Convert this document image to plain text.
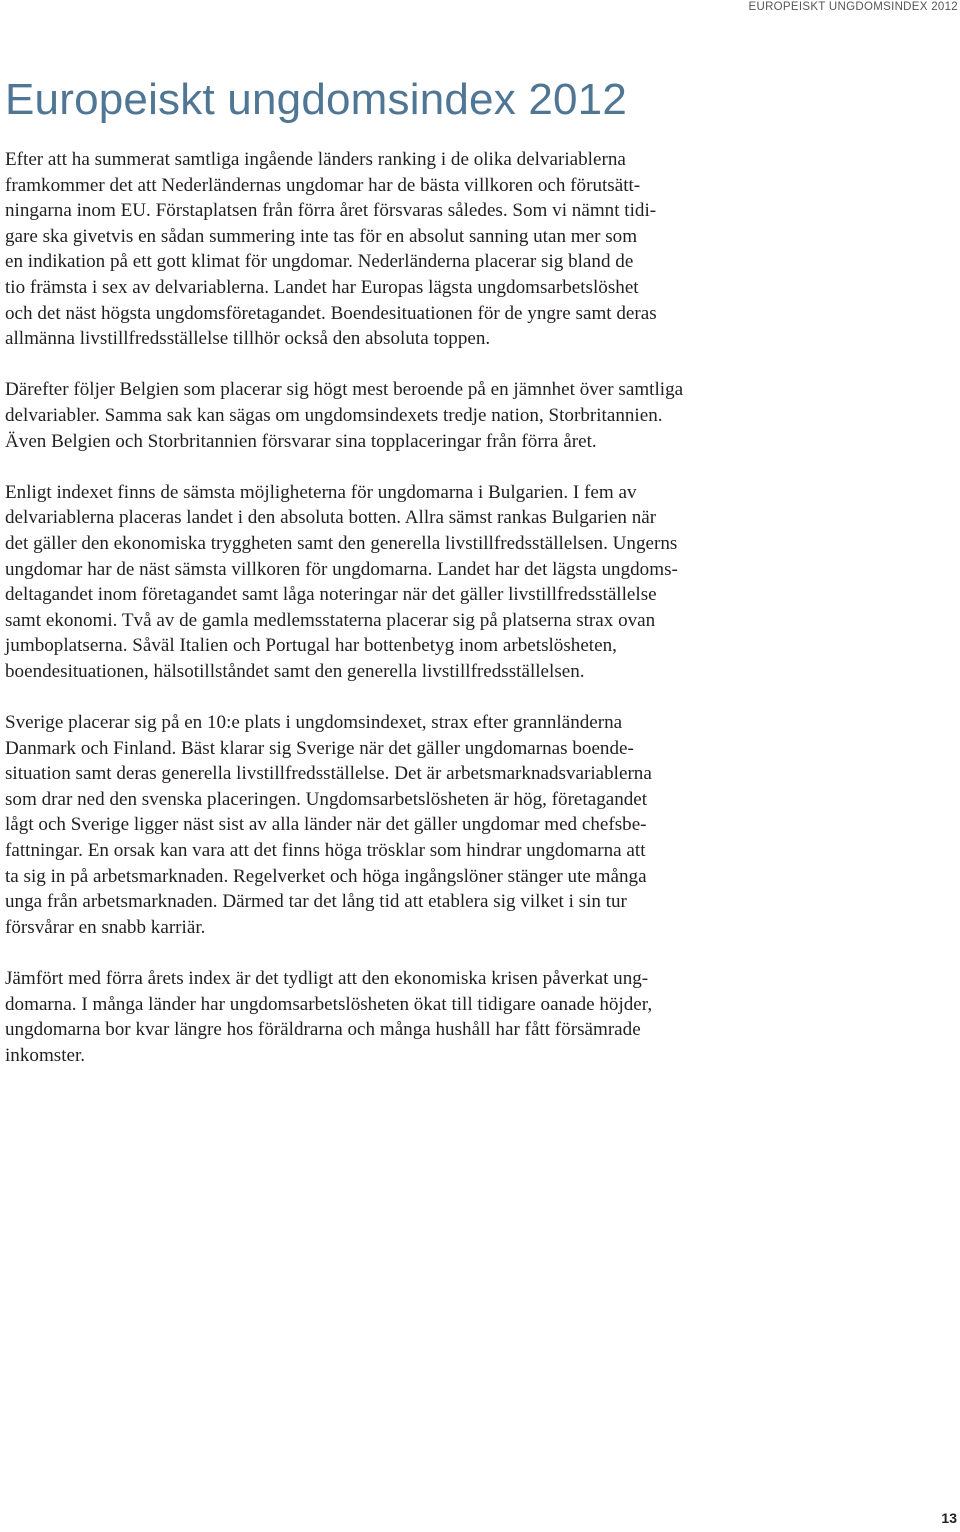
EUROPEISKT UNGDOMSINDEX 2012
Europeiskt ungdomsindex 2012

Efter att ha summerat samtliga ingående länders ranking i de olika delvariablerna
framkommer det att Nederländernas ungdomar har de bästa villkoren och förutsätt-
ningarna inom EU. Förstaplatsen från förra året försvaras således. Som vi nämnt tidi-
gare ska givetvis en sådan summering inte tas för en absolut sanning utan mer som
en indikation på ett gott klimat för ungdomar. Nederländerna placerar sig bland de
tio främsta i sex av delvariablerna. Landet har Europas lägsta ungdomsarbetslöshet
och det näst högsta ungdomsföretagandet. Boendesituationen för de yngre samt deras
allmänna livstillfredsställelse tillhör också den absoluta toppen.

Därefter följer Belgien som placerar sig högt mest beroende på en jämnhet över samtliga
delvariabler. Samma sak kan sägas om ungdomsindexets tredje nation, Storbritannien.
Även Belgien och Storbritannien försvarar sina topplaceringar från förra året.

Enligt indexet finns de sämsta möjligheterna för ungdomarna i Bulgarien. I fem av
delvariablerna placeras landet i den absoluta botten. Allra sämst rankas Bulgarien när
det gäller den ekonomiska tryggheten samt den generella livstillfredsställelsen. Ungerns
ungdomar har de näst sämsta villkoren för ungdomarna. Landet har det lägsta ungdoms-
deltagandet inom företagandet samt låga noteringar när det gäller livstillfredsställelse
samt ekonomi. Två av de gamla medlemsstaterna placerar sig på platserna strax ovan
jumboplatserna. Såväl Italien och Portugal har bottenbetyg inom arbetslösheten,
boendesituationen, hälsotillståndet samt den generella livstillfredsställelsen.

Sverige placerar sig på en 10:e plats i ungdomsindexet, strax efter grannländerna
Danmark och Finland. Bäst klarar sig Sverige när det gäller ungdomarnas boende-
situation samt deras generella livstillfredsställelse. Det är arbetsmarknadsvariablerna
som drar ned den svenska placeringen. Ungdomsarbetslösheten är hög, företagandet
lågt och Sverige ligger näst sist av alla länder när det gäller ungdomar med chefsbe-
fattningar. En orsak kan vara att det finns höga trösklar som hindrar ungdomarna att
ta sig in på arbetsmarknaden. Regelverket och höga ingångslöner stänger ute många
unga från arbetsmarknaden. Därmed tar det lång tid att etablera sig vilket i sin tur
försvårar en snabb karriär.

Jämfört med förra årets index är det tydligt att den ekonomiska krisen påverkat ung-
domarna. I många länder har ungdomsarbetslösheten ökat till tidigare oanade höjder,
ungdomarna bor kvar längre hos föräldrarna och många hushåll har fått försämrade
inkomster.

13
